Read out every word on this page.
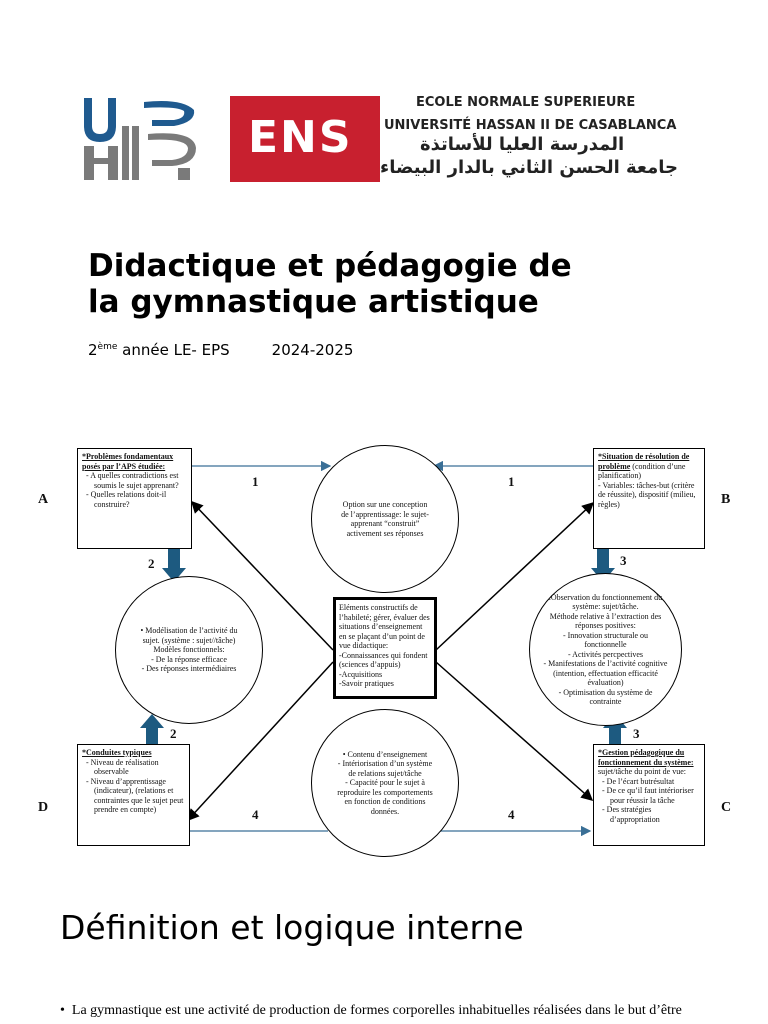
ENS
ECOLE NORMALE SUPERIEURE
UNIVERSITÉ HASSAN II DE CASABLANCA
المدرسة العليا للأساتذة
جامعة الحسن الثاني بالدار البيضاء
Didactique et pédagogie de
la gymnastique artistique
2ème année LE- EPS	2024-2025
A	B
C
D
1	1
2
2
3
3
4	4
*Problèmes fondamentaux posés par l’APS étudiée:
- A quelles contradictions est soumis le sujet apprenant?
- Quelles relations doit-il construire?
*Situation de résolution de problème (condition d’une planification)
- Variables: tâches-but (critère de réussite), dispositif (milieu, règles)
*Conduites typiques
- Niveau de réalisation observable
- Niveau d’apprentissage (indicateur), (relations et contraintes que le sujet peut prendre en compte)
*Gestion pédagogique du fonctionnement du système:
sujet/tâche du point de vue:
- De l’écart butrésultat
- De ce qu’il faut intérioriser pour réussir la tâche
- Des stratégies d’appropriation
Eléments constructifs de l’habileté; gérer, évaluer des situations d’enseignement en se plaçant d’un point de vue didactique:
-Connaissances qui fondent (sciences d’appuis)
-Acquisitions
-Savoir pratiques
Option sur une conception de l’apprentissage: le sujet-apprenant “construit” activement ses réponses
• Modélisation de l’activité du sujet. (système : sujet//tâche)
Modèles fonctionnels:
- De la réponse efficace
- Des réponses intermédiaires
.Observation du fonctionnement du système: sujet/tâche.
Méthode relative à l’extraction des réponses positives:
- Innovation structurale ou fonctionnelle
- Activités percpectives
- Manifestations de l’activité cognitive (intention, effectuation efficacité évaluation)
- Optimisation du système de contrainte
• Contenu d’enseignement
- Intériorisation d’un système de relations sujet/tâche
- Capacité pour le sujet à reproduire les comportements en fonction de conditions données.
Définition et logique interne
•  La gymnastique est une activité de production de formes corporelles inhabituelles réalisées dans le but d’être
